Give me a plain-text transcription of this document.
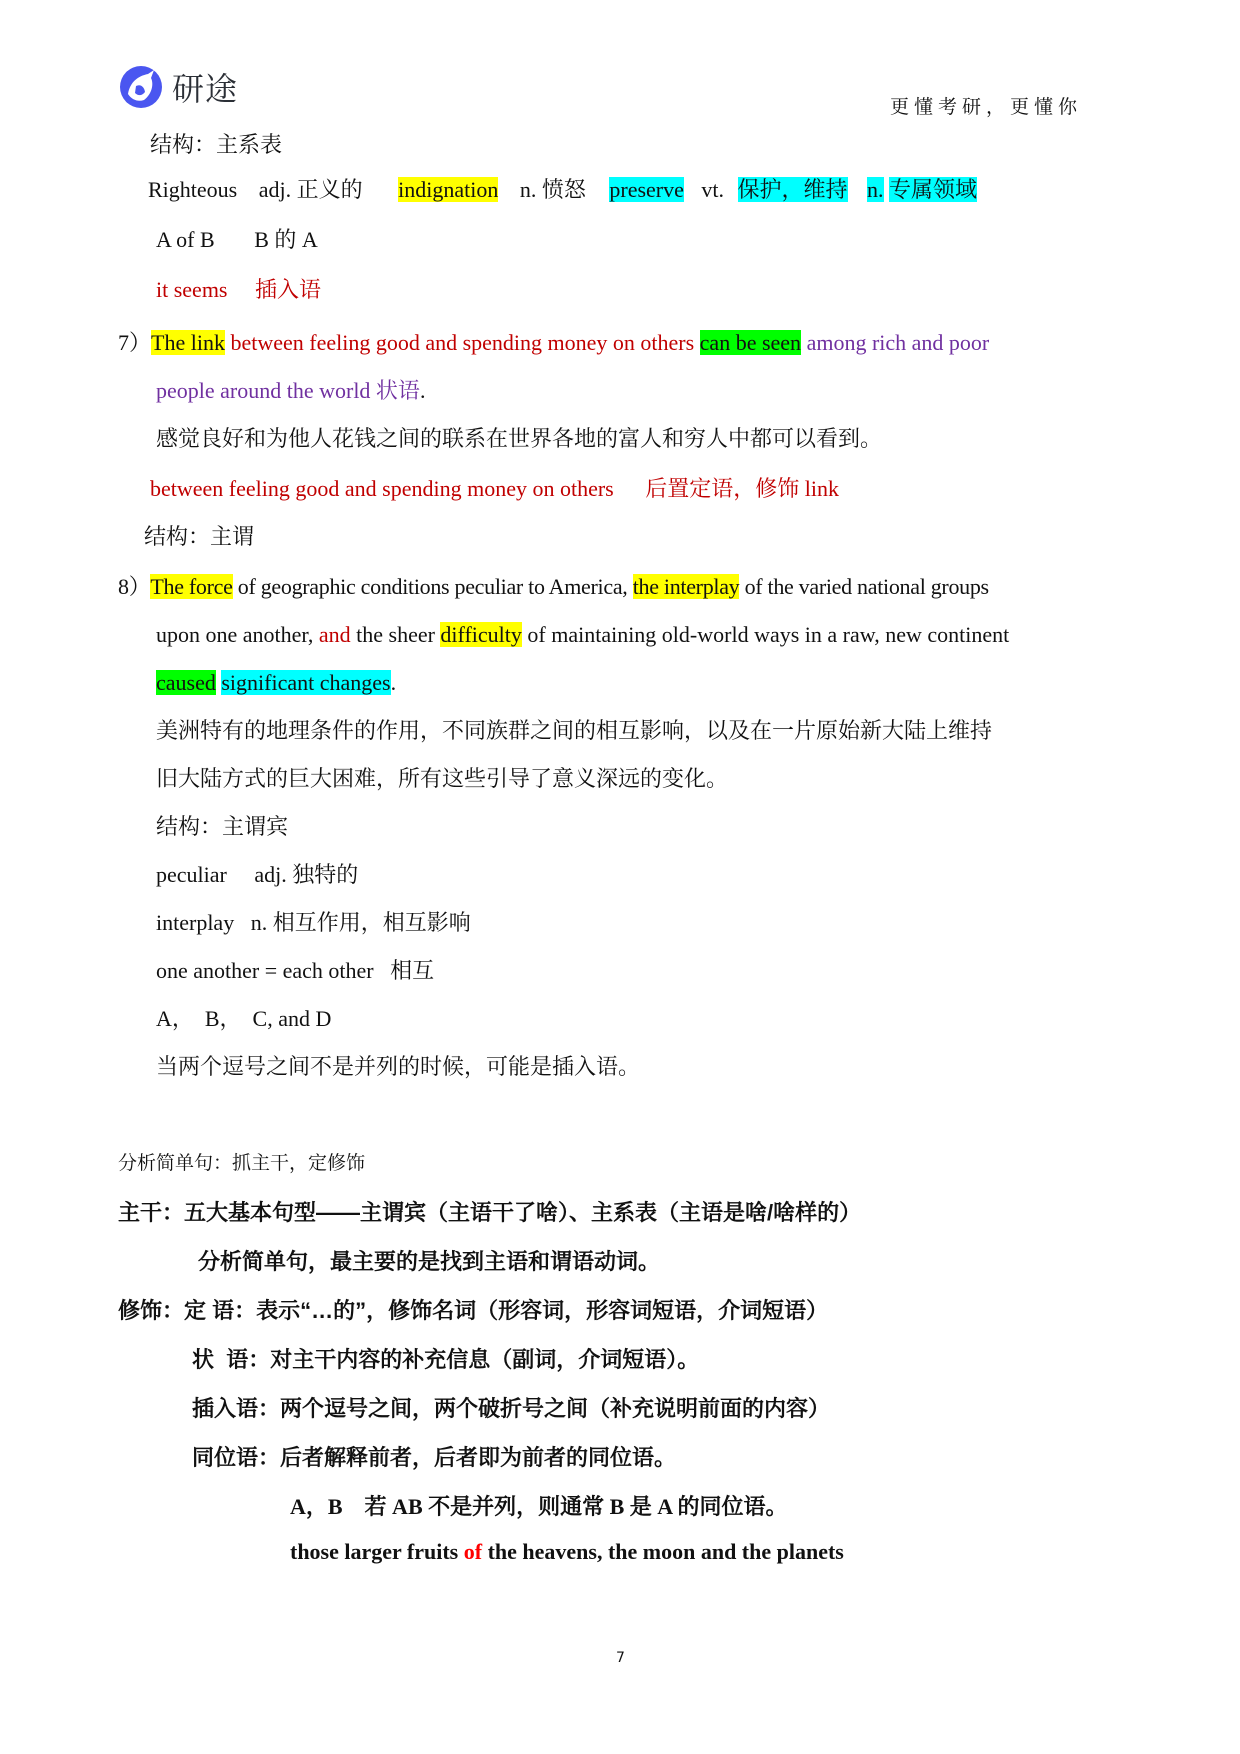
研途	更懂考研，更懂你
结构：主系表
Righteous adj. 正义的 indignation n. 愤怒 preserve vt. 保护，维持 n. 专属领域
A of B B 的 A
it seems 插入语
7）The link between feeling good and spending money on others can be seen among rich and poor
people around the world 状语.
感觉良好和为他人花钱之间的联系在世界各地的富人和穷人中都可以看到。
between feeling good and spending money on others 后置定语，修饰 link
结构：主谓
8）The force of geographic conditions peculiar to America, the interplay of the varied national groups
upon one another, and the sheer difficulty of maintaining old-world ways in a raw, new continent
caused significant changes.
美洲特有的地理条件的作用，不同族群之间的相互影响，以及在一片原始新大陆上维持
旧大陆方式的巨大困难，所有这些引导了意义深远的变化。
结构：主谓宾
peculiar     adj. 独特的
interplay   n. 相互作用，相互影响
one another = each other   相互
A，  B，  C, and D
当两个逗号之间不是并列的时候，可能是插入语。
分析简单句：抓主干，定修饰
主干：五大基本句型——主谓宾（主语干了啥）、主系表（主语是啥/啥样的）
分析简单句，最主要的是找到主语和谓语动词。
修饰：定 语：表示“…的”，修饰名词（形容词，形容词短语，介词短语）
状  语：对主干内容的补充信息（副词，介词短语）。
插入语：两个逗号之间，两个破折号之间（补充说明前面的内容）
同位语：后者解释前者，后者即为前者的同位语。
A，B    若 AB 不是并列，则通常 B 是 A 的同位语。
those larger fruits of the heavens, the moon and the planets
7
